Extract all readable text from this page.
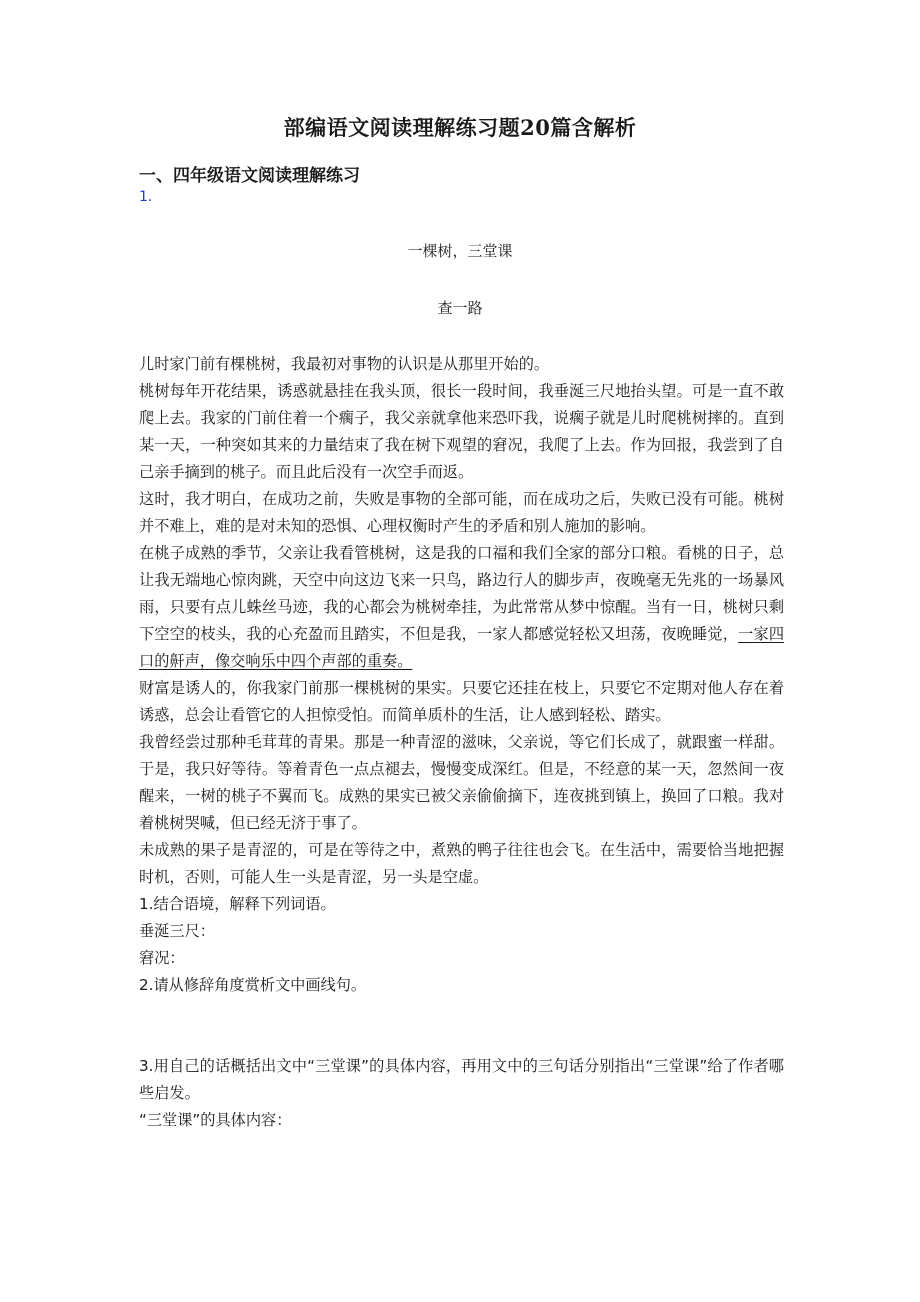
部编语文阅读理解练习题20篇含解析
一、四年级语文阅读理解练习
1．
一棵树，三堂课
查一路

儿时家门前有棵桃树，我最初对事物的认识是从那里开始的。

桃树每年开花结果，诱惑就悬挂在我头顶，很长一段时间，我垂涎三尺地抬头望。可是一直不敢爬上去。我家的门前住着一个瘸子，我父亲就拿他来恐吓我，说瘸子就是儿时爬桃树摔的。直到某一天，一种突如其来的力量结束了我在树下观望的窘况，我爬了上去。作为回报，我尝到了自己亲手摘到的桃子。而且此后没有一次空手而返。

这时，我才明白，在成功之前，失败是事物的全部可能，而在成功之后，失败已没有可能。桃树并不难上，难的是对未知的恐惧、心理权衡时产生的矛盾和别人施加的影响。

在桃子成熟的季节，父亲让我看管桃树，这是我的口福和我们全家的部分口粮。看桃的日子，总让我无端地心惊肉跳，天空中向这边飞来一只鸟，路边行人的脚步声，夜晚毫无先兆的一场暴风雨，只要有点儿蛛丝马迹，我的心都会为桃树牵挂，为此常常从梦中惊醒。当有一日，桃树只剩下空空的枝头，我的心充盈而且踏实，不但是我，一家人都感觉轻松又坦荡，夜晚睡觉，一家四口的鼾声，像交响乐中四个声部的重奏。

财富是诱人的，你我家门前那一棵桃树的果实。只要它还挂在枝上，只要它不定期对他人存在着诱惑，总会让看管它的人担惊受怕。而简单质朴的生活，让人感到轻松、踏实。

我曾经尝过那种毛茸茸的青果。那是一种青涩的滋味，父亲说，等它们长成了，就跟蜜一样甜。于是，我只好等待。等着青色一点点褪去，慢慢变成深红。但是，不经意的某一天，忽然间一夜醒来，一树的桃子不翼而飞。成熟的果实已被父亲偷偷摘下，连夜挑到镇上，换回了口粮。我对着桃树哭喊，但已经无济于事了。

未成熟的果子是青涩的，可是在等待之中，煮熟的鸭子往往也会飞。在生活中，需要恰当地把握时机，否则，可能人生一头是青涩，另一头是空虚。

1.结合语境，解释下列词语。

垂涎三尺：

窘况：

2.请从修辞角度赏析文中画线句。

3.用自己的话概括出文中“三堂课”的具体内容，再用文中的三句话分别指出“三堂课”给了作者哪些启发。

“三堂课”的具体内容：
